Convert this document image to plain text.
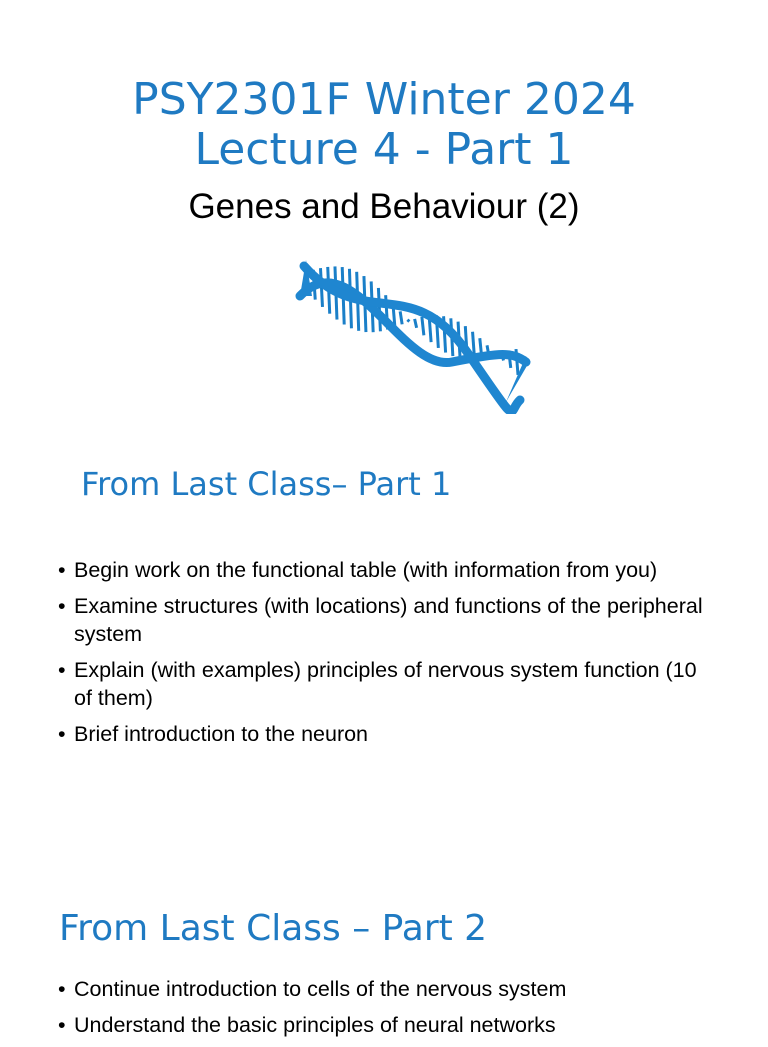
PSY2301F Winter 2024
Lecture 4 - Part 1
Genes and Behaviour (2)
From Last Class– Part 1
• Begin work on the functional table (with information from you)
• Examine structures (with locations) and functions of the peripheral system
• Explain (with examples) principles of nervous system function (10 of them)
• Brief introduction to the neuron
From Last Class – Part 2
• Continue introduction to cells of the nervous system
• Understand the basic principles of neural networks
